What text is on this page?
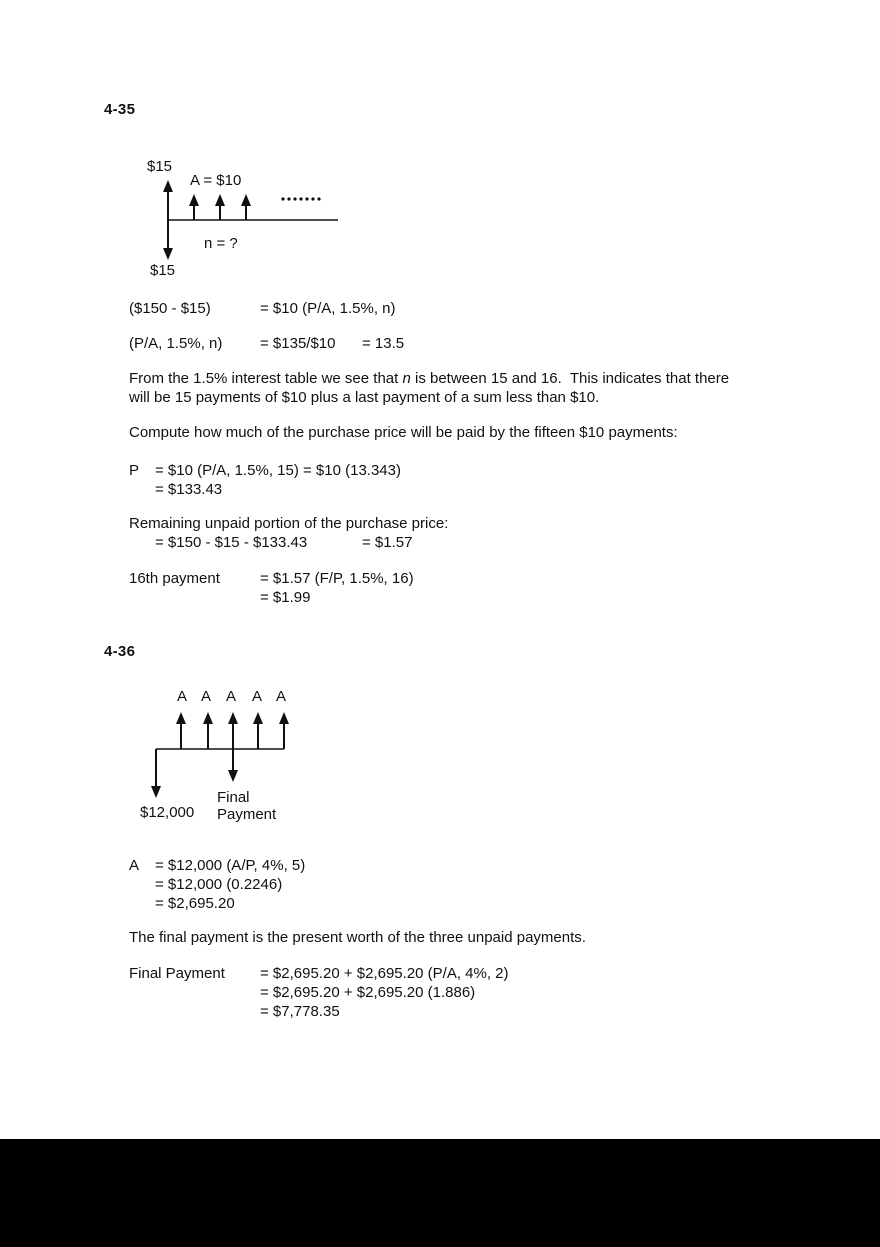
4-35
$15
A = $10
n = ?
$15
($150 - $15)	= $10 (P/A, 1.5%, n)
(P/A, 1.5%, n)	= $135/$10 = 13.5
From the 1.5% interest table we see that n is between 15 and 16.  This indicates that there
will be 15 payments of $10 plus a last payment of a sum less than $10.
Compute how much of the purchase price will be paid by the fifteen $10 payments:
P = $10 (P/A, 1.5%, 15) = $10 (13.343)
= $133.43
Remaining unpaid portion of the purchase price:
= $150 - $15 - $133.43	= $1.57
16th payment	= $1.57 (F/P, 1.5%, 16)
= $1.99
4-36
A A A A A
$12,000
Final
Payment
A = $12,000 (A/P, 4%, 5)
= $12,000 (0.2246)
= $2,695.20
The final payment is the present worth of the three unpaid payments.
Final Payment = $2,695.20 + $2,695.20 (P/A, 4%, 2)
= $2,695.20 + $2,695.20 (1.886)
= $7,778.35
